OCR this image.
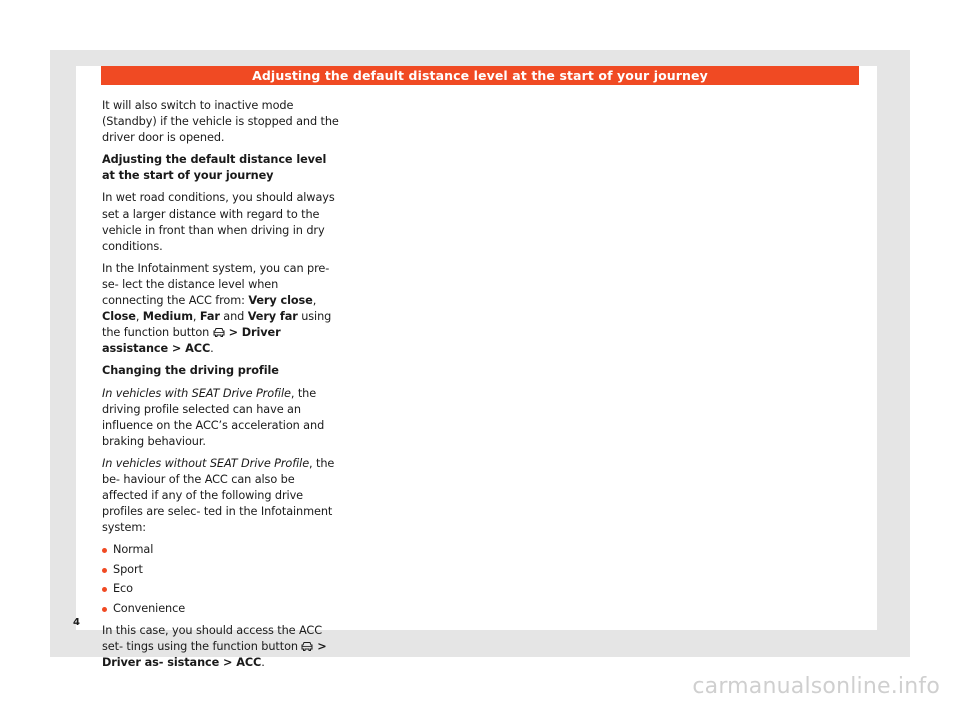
Adjusting the default distance level at the start of your journey

It will also switch to inactive mode (Standby) if the vehicle is stopped and the driver door is opened.

Adjusting the default distance level at the start of your journey

In wet road conditions, you should always set a larger distance with regard to the vehicle in front than when driving in dry conditions.

In the Infotainment system, you can pre-se- lect the distance level when connecting the ACC from: Very close, Close, Medium, Far and Very far using the function button  > Driver assistance > ACC.

Changing the driving profile

In vehicles with SEAT Drive Profile, the driving profile selected can have an influence on the ACC’s acceleration and braking behaviour.

In vehicles without SEAT Drive Profile, the be- haviour of the ACC can also be affected if any of the following drive profiles are selec- ted in the Infotainment system:

Normal
Sport
Eco
Convenience

In this case, you should access the ACC set- tings using the function button  > Driver as- sistance > ACC.

4
carmanualsonline.info
